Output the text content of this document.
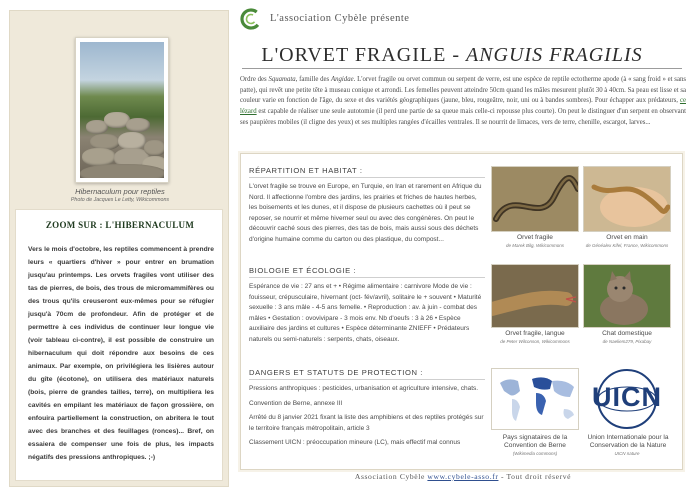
Hibernaculum pour reptiles
Photo de Jacques Le Letty, Wikicommons
ZOOM SUR : L'HIBERNACULUM
Vers le mois d'octobre, les reptiles commencent à prendre leurs « quartiers d'hiver » pour entrer en brumation jusqu'au printemps. Les orvets fragiles vont utiliser des tas de pierres, de bois, des trous de micromammifères ou des trous qu'ils creuseront eux-mêmes pour se réfugier jusqu'à 70cm de profondeur. Afin de protéger et de permettre à ces individus de continuer leur longue vie (voir tableau ci-contre), il est possible de construire un hibernaculum qui doit répondre aux besoins de ces animaux. Par exemple, on privilégiera les lisières autour du gîte (écotone), on utilisera des matériaux naturels (bois, pierre de grandes tailles, terre), on multipliera les cavités en empilant les matériaux de façon grossière, on enfouira partiellement la construction, on abritera le tout avec des branches et des feuillages (ronces)... Bref, on essaiera de compenser une fois de plus, les impacts négatifs des pressions anthropiques. ;-)
L'association Cybèle présente
L'ORVET FRAGILE - ANGUIS FRAGILIS
Ordre des Squamata, famille des Angidae. L'orvet fragile ou orvet commun ou serpent de verre, est une espèce de reptile ectotherme apode (à « sang froid » et sans patte), qui revêt une petite tête à museau conique et arrondi. Les femelles peuvent atteindre 50cm quand les mâles mesurent plutôt 30 à 40cm. Sa peau est lisse et sa couleur varie en fonction de l'âge, du sexe et des variétés géographiques (jaune, bleu, rougeâtre, noir, uni ou à bandes sombres). Pour échapper aux prédateurs, ce lézard est capable de réaliser une seule autotomie (il perd une partie de sa queue mais celle-ci repousse plus courte). On peut le distinguer d'un serpent en observant ses paupières mobiles (il cligne des yeux) et ses multiples rangées d'écailles ventrales. Il se nourrit de limaces, vers de terre, chenille, escargot, larves...
RÉPARTITION ET HABITAT :

L'orvet fragile se trouve en Europe, en Turquie, en Iran et rarement en Afrique du Nord. Il affectionne l'ombre des jardins, les prairies et friches de hautes herbes, les boisements et les dunes, et il dispose de plusieurs cachettes où il peut se reposer, se nourrir et même hiverner seul ou avec des congénères. On peut le découvrir caché sous des pierres, des tas de bois, mais aussi sous des déchets d'origine humaine comme du carton ou des plastique, du compost...

BIOLOGIE ET ÉCOLOGIE :

Espérance de vie : 27 ans et + • Régime alimentaire : carnivore Mode de vie : fouisseur, crépusculaire, hivernant (oct- fév/avril), solitaire le + souvent • Maturité sexuelle : 3 ans mâle - 4-5 ans femelle. • Reproduction : av. à juin - combat des mâles • Gestation : ovovivipare - 3 mois env. Nb d'oeufs : 3 à 26 • Espèce auxiliaire des jardins et cultures • Espèce déterminante ZNIEFF • Prédateurs naturels ou semi-naturels : serpents, chats, oiseaux.

DANGERS ET STATUTS DE PROTECTION :

Pressions anthropiques : pesticides, urbanisation et agriculture intensive, chats.

Convention de Berne, annexe III

Arrêté du 8 janvier 2021 fixant la liste des amphibiens et des reptiles protégés sur le territoire français métropolitain, article 3

Classement UICN : préoccupation mineure (LC), mais effectif mal connus

Orvet fragile
de Marek Bilg, Wikicommons
Orvet en main
de Généalex Kifel, France, Wikicommons
Orvet fragile, langue
de Peter Wilconson, Wikicommons
Chat domestique
de Naeliem279, Pixabay
Pays signataires de la
Convention de Berne
(Wikimedia commons)
UICN
Union Internationale pour la
Conservation de la Nature
UICN nature
Association Cybèle www.cybele-asso.fr - Tout droit réservé
